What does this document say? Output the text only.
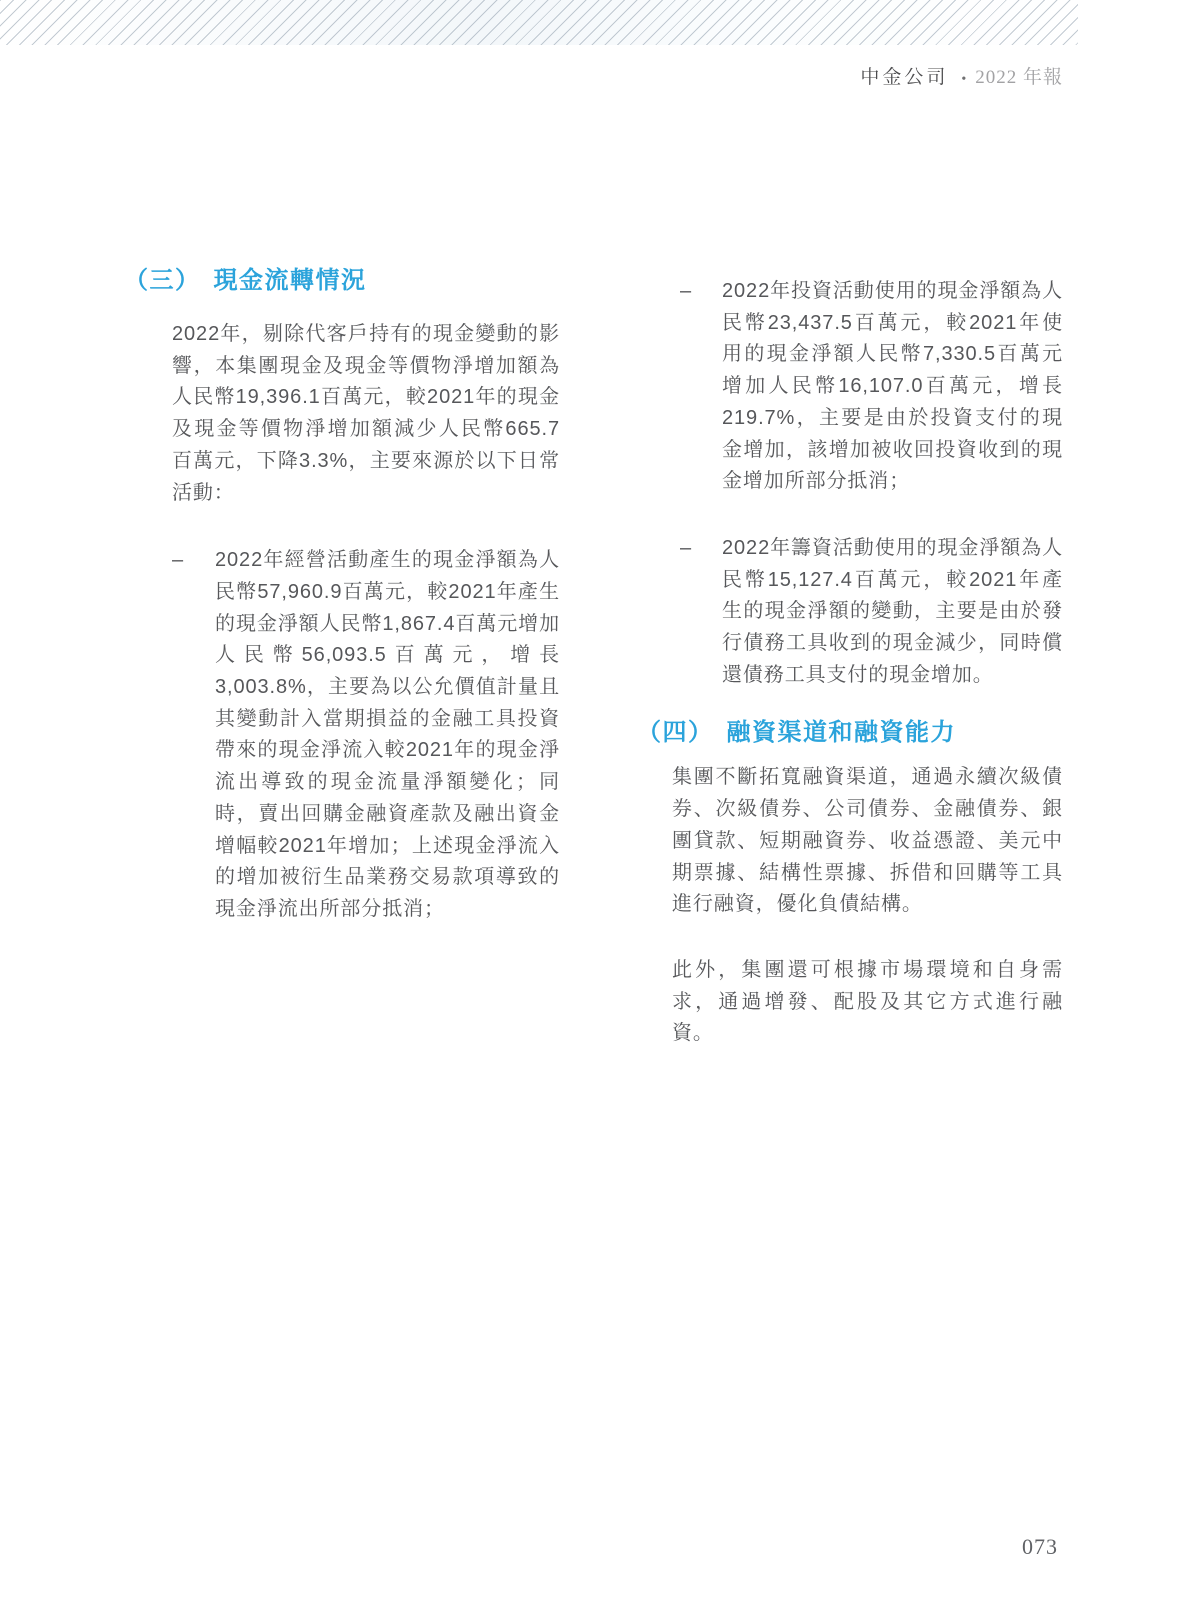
中金公司 • 2022 年報
（三） 現金流轉情況

2022年，剔除代客戶持有的現金變動的影響，本集團現金及現金等價物淨增加額為人民幣19,396.1百萬元，較2021年的現金及現金等價物淨增加額減少人民幣665.7百萬元，下降3.3%，主要來源於以下日常活動：

–	2022年經營活動產生的現金淨額為人民幣57,960.9百萬元，較2021年產生的現金淨額人民幣1,867.4百萬元增加人民幣56,093.5百萬元，增長3,003.8%，主要為以公允價值計量且其變動計入當期損益的金融工具投資帶來的現金淨流入較2021年的現金淨流出導致的現金流量淨額變化；同時，賣出回購金融資產款及融出資金增幅較2021年增加；上述現金淨流入的增加被衍生品業務交易款項導致的現金淨流出所部分抵消；

–	2022年投資活動使用的現金淨額為人民幣23,437.5百萬元，較2021年使用的現金淨額人民幣7,330.5百萬元增加人民幣16,107.0百萬元，增長219.7%，主要是由於投資支付的現金增加，該增加被收回投資收到的現金增加所部分抵消；

–	2022年籌資活動使用的現金淨額為人民幣15,127.4百萬元，較2021年產生的現金淨額的變動，主要是由於發行債務工具收到的現金減少，同時償還債務工具支付的現金增加。

（四） 融資渠道和融資能力

集團不斷拓寬融資渠道，通過永續次級債券、次級債券、公司債券、金融債券、銀團貸款、短期融資券、收益憑證、美元中期票據、結構性票據、拆借和回購等工具進行融資，優化負債結構。

此外，集團還可根據市場環境和自身需求，通過增發、配股及其它方式進行融資。

073
